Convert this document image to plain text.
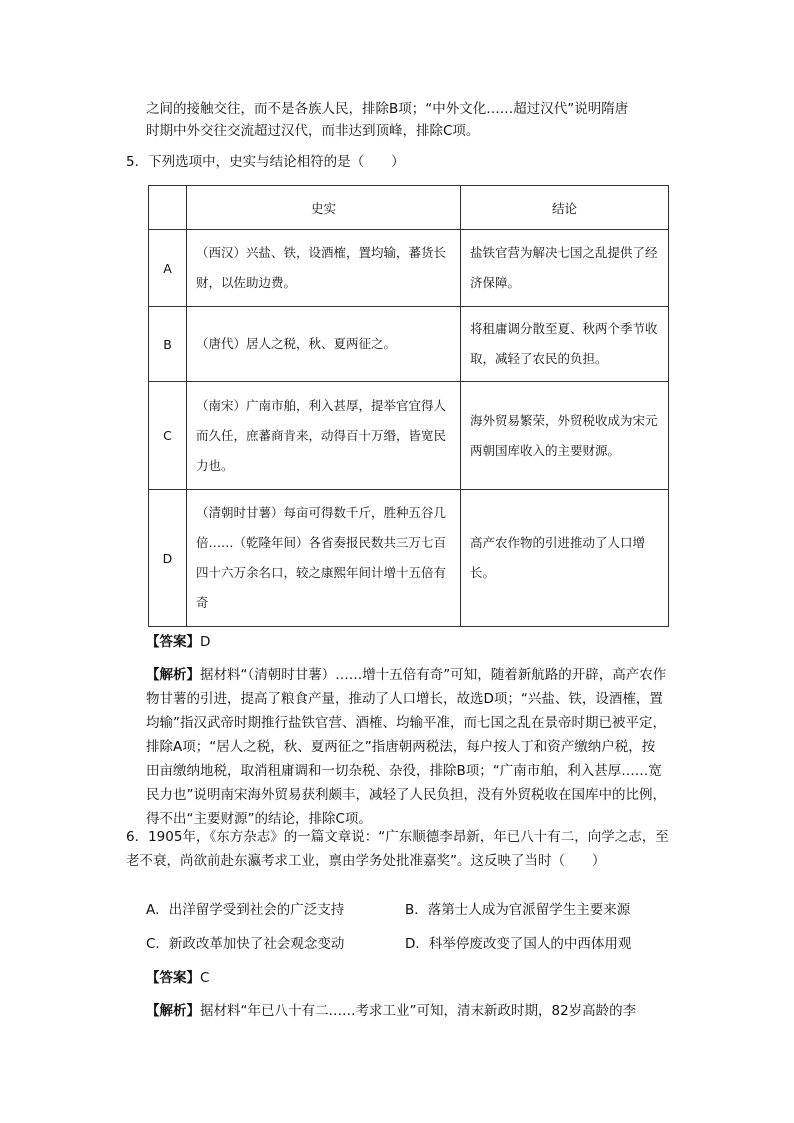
之间的接触交往，而不是各族人民，排除B项；“中外文化……超过汉代”说明隋唐

时期中外交往交流超过汉代，而非达到顶峰，排除C项。

5．下列选项中，史实与结论相符的是（　　）

	史实	结论
A	（西汉）兴盐、铁，设酒榷，置均输，蕃货长财，以佐助边费。	盐铁官营为解决七国之乱提供了经济保障。
B	（唐代）居人之税，秋、夏两征之。	将租庸调分散至夏、秋两个季节收取，减轻了农民的负担。
C	（南宋）广南市舶，利入甚厚，提举官宜得人而久任，庶蕃商肯来，动得百十万缗，皆宽民力也。	海外贸易繁荣，外贸税收成为宋元两朝国库收入的主要财源。
D	（清朝时甘薯）每亩可得数千斤，胜种五谷几倍……（乾隆年间）各省奏报民数共三万七百四十六万余名口，较之康熙年间计增十五倍有奇	高产农作物的引进推动了人口增长。

【答案】D

【解析】据材料“（清朝时甘薯）……增十五倍有奇”可知，随着新航路的开辟，高产农作物甘薯的引进，提高了粮食产量，推动了人口增长，故选D项；“兴盐、铁，设酒榷，置均输”指汉武帝时期推行盐铁官营、酒榷、均输平准，而七国之乱在景帝时期已被平定，排除A项；“居人之税，秋、夏两征之”指唐朝两税法，每户按人丁和资产缴纳户税，按田亩缴纳地税，取消租庸调和一切杂税、杂役，排除B项；“广南市舶，利入甚厚……宽民力也”说明南宋海外贸易获利颇丰，减轻了人民负担，没有外贸税收在国库中的比例，得不出“主要财源”的结论，排除C项。

6．1905年，《东方杂志》的一篇文章说：“广东顺德李昂新，年已八十有二，向学之志，至老不衰，尚欲前赴东瀛考求工业，禀由学务处批准嘉奖”。这反映了当时（　　）

A．出洋留学受到社会的广泛支持	B．落第士人成为官派留学生主要来源
C．新政改革加快了社会观念变动	D．科举停废改变了国人的中西体用观

【答案】C

【解析】据材料“年已八十有二……考求工业”可知，清末新政时期，82岁高龄的李
